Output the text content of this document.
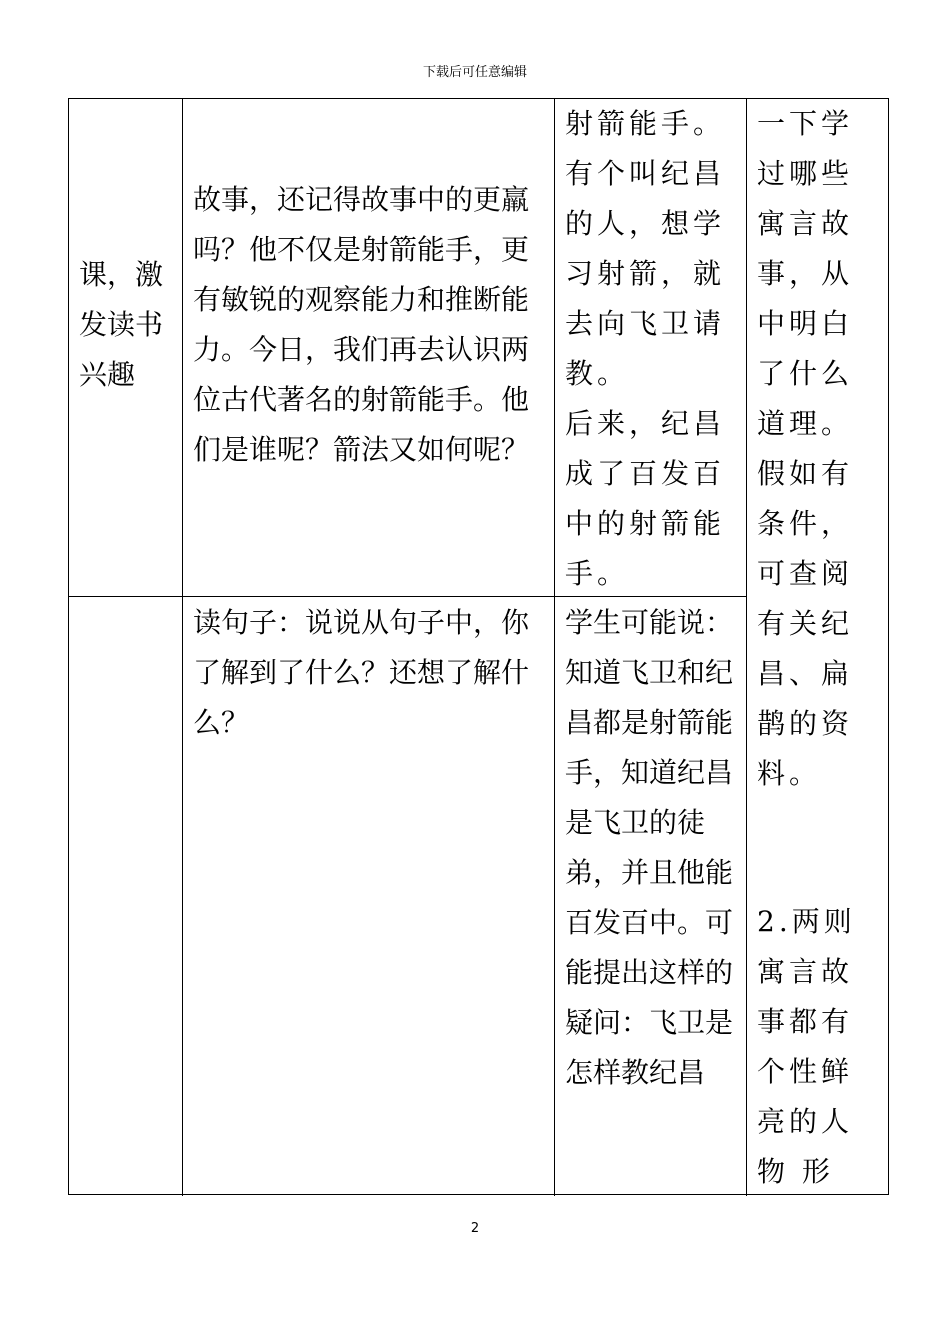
下载后可任意编辑
课，激发读书兴趣
故事，还记得故事中的更羸吗？他不仅是射箭能手，更有敏锐的观察能力和推断能力。今日，我们再去认识两位古代著名的射箭能手。他们是谁呢？箭法又如何呢？
射箭能手。有个叫纪昌的人，想学习射箭，就去向飞卫请教。
后来，纪昌成了百发百中的射箭能手。
读句子：说说从句子中，你了解到了什么？还想了解什么？
学生可能说：知道飞卫和纪昌都是射箭能手，知道纪昌是飞卫的徒弟，并且他能百发百中。可能提出这样的疑问：飞卫是怎样教纪昌
一下学过哪些寓言故事，从中明白了什么道理。假如有条件，可查阅有关纪昌、扁鹊的资料。
2.两则寓言故事都有个性鲜亮的人物 形
2
